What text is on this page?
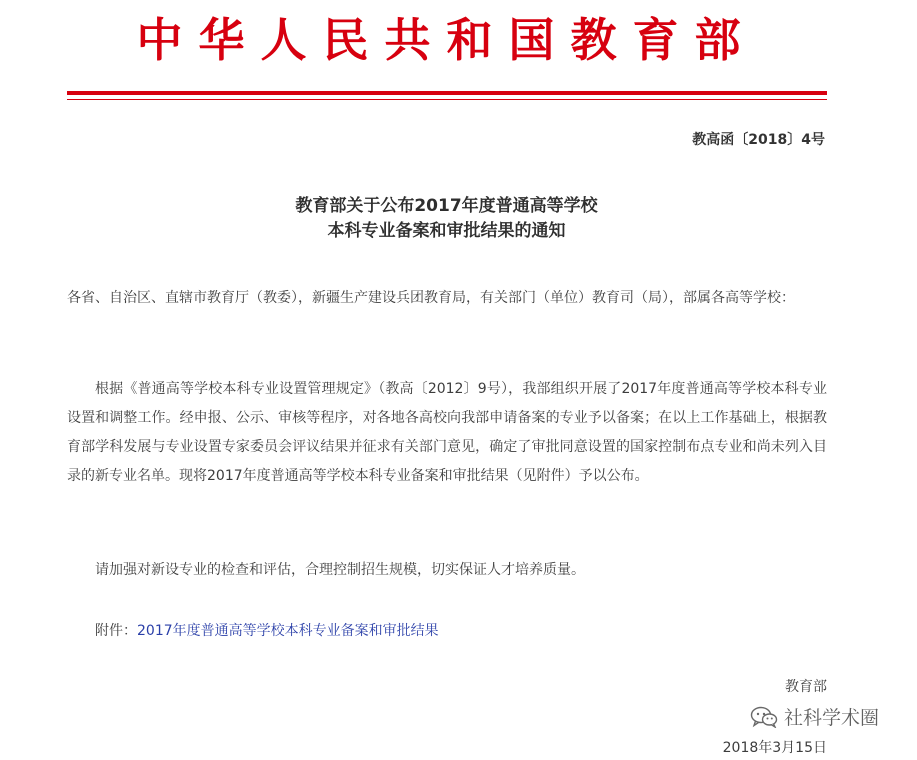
中华人民共和国教育部
教高函〔2018〕4号
教育部关于公布2017年度普通高等学校
本科专业备案和审批结果的通知
各省、自治区、直辖市教育厅（教委），新疆生产建设兵团教育局，有关部门（单位）教育司（局），部属各高等学校：
根据《普通高等学校本科专业设置管理规定》（教高〔2012〕9号），我部组织开展了2017年度普通高等学校本科专业设置和调整工作。经申报、公示、审核等程序，对各地各高校向我部申请备案的专业予以备案；在以上工作基础上，根据教育部学科发展与专业设置专家委员会评议结果并征求有关部门意见，确定了审批同意设置的国家控制布点专业和尚未列入目录的新专业名单。现将2017年度普通高等学校本科专业备案和审批结果（见附件）予以公布。
请加强对新设专业的检查和评估，合理控制招生规模，切实保证人才培养质量。
附件：2017年度普通高等学校本科专业备案和审批结果
教育部
社科学术圈
2018年3月15日
